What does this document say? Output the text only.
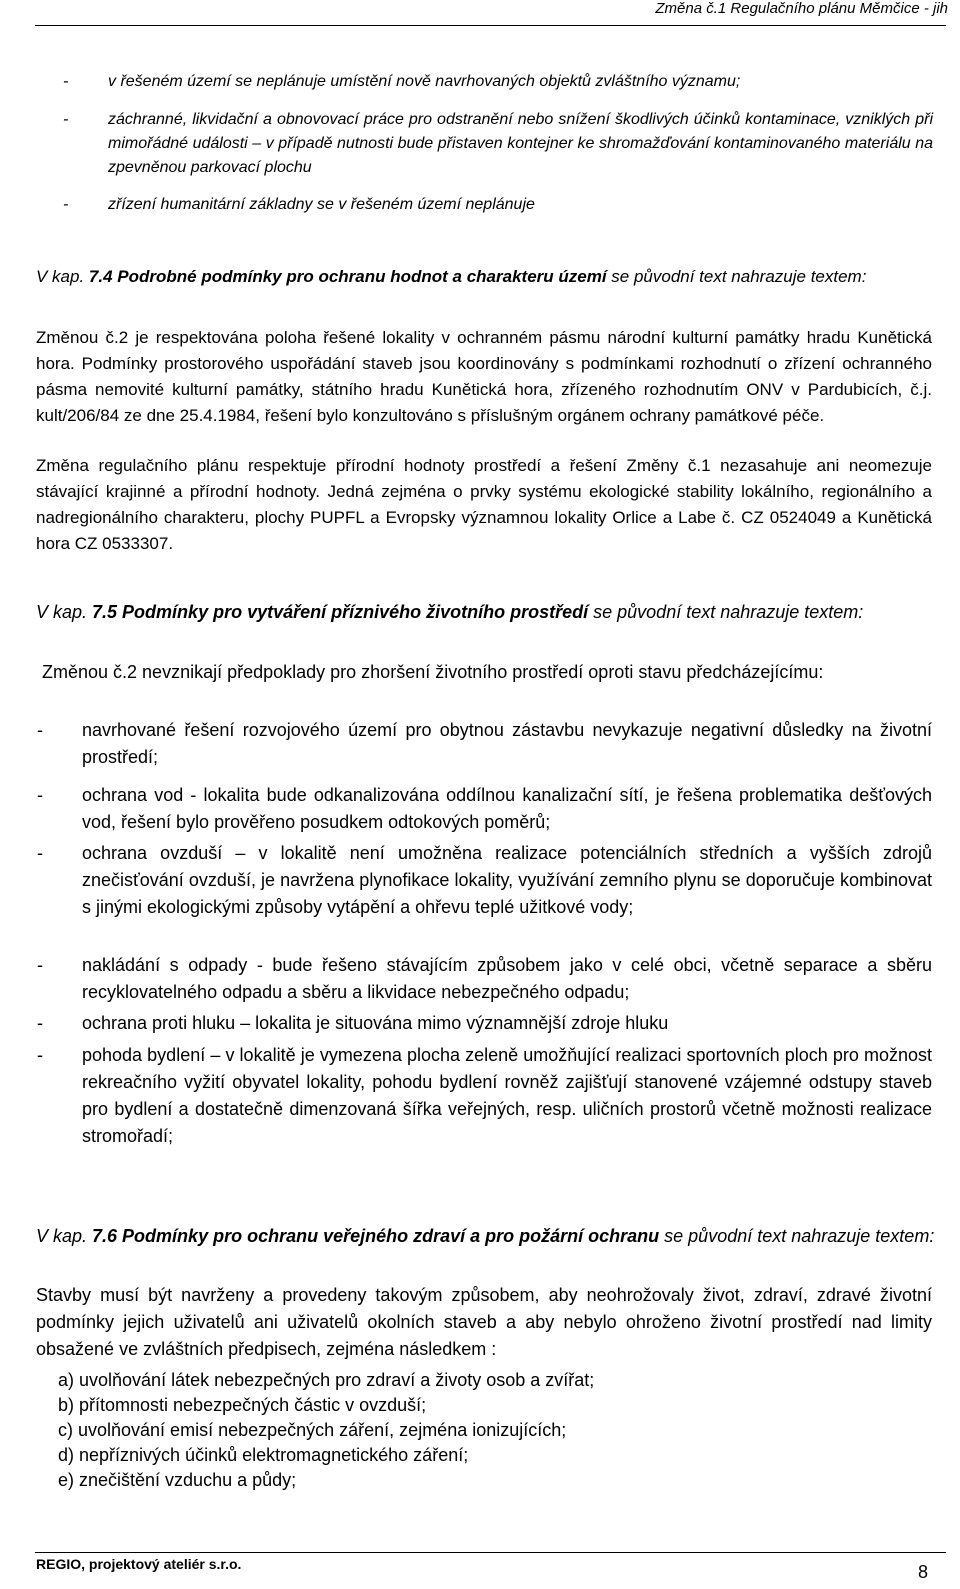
Změna č.1 Regulačního plánu Měmčice - jih
- v řešeném území se neplánuje umístění nově navrhovaných objektů zvláštního významu;
- záchranné, likvidační a obnovovací práce pro odstranění nebo snížení škodlivých účinků kontaminace, vzniklých při mimořádné události – v případě nutnosti bude přistaven kontejner ke shromažďování kontaminovaného materiálu na zpevněnou parkovací plochu
- zřízení humanitární základny se v řešeném území neplánuje
V kap. 7.4 Podrobné podmínky pro ochranu hodnot a charakteru území se původní text nahrazuje textem:
Změnou č.2 je respektována poloha řešené lokality v ochranném pásmu národní kulturní památky hradu Kunětická hora. Podmínky prostorového uspořádání staveb jsou koordinovány s podmínkami rozhodnutí o zřízení ochranného pásma nemovité kulturní památky, státního hradu Kunětická hora, zřízeného rozhodnutím ONV v Pardubicích, č.j. kult/206/84 ze dne 25.4.1984, řešení bylo konzultováno s příslušným orgánem ochrany památkové péče.
Změna regulačního plánu respektuje přírodní hodnoty prostředí a řešení Změny č.1 nezasahuje ani neomezuje stávající krajinné a přírodní hodnoty. Jedná zejména o prvky systému ekologické stability lokálního, regionálního a nadregionálního charakteru, plochy PUPFL a Evropsky významnou lokality Orlice a Labe č. CZ 0524049 a Kunětická hora CZ 0533307.
V kap. 7.5 Podmínky pro vytváření příznivého životního prostředí se původní text nahrazuje textem:
Změnou č.2 nevznikají předpoklady pro zhoršení životního prostředí oproti stavu předcházejícímu:
- navrhované řešení rozvojového území pro obytnou zástavbu nevykazuje negativní důsledky na životní prostředí;
- ochrana vod - lokalita bude odkanalizována oddílnou kanalizační sítí, je řešena problematika dešťových vod, řešení bylo prověřeno posudkem odtokových poměrů;
- ochrana ovzduší – v lokalitě není umožněna realizace potenciálních středních a vyšších zdrojů znečisťování ovzduší, je navržena plynofikace lokality, využívání zemního plynu se doporučuje kombinovat s jinými ekologickými způsoby vytápění a ohřevu teplé užitkové vody;
- nakládání s odpady - bude řešeno stávajícím způsobem jako v celé obci, včetně separace a sběru recyklovatelného odpadu a sběru a likvidace nebezpečného odpadu;
- ochrana proti hluku – lokalita je situována mimo významnější zdroje hluku
- pohoda bydlení – v lokalitě je vymezena plocha zeleně umožňující realizaci sportovních ploch pro možnost rekreačního vyžití obyvatel lokality, pohodu bydlení rovněž zajišťují stanovené vzájemné odstupy staveb pro bydlení a dostatečně dimenzovaná šířka veřejných, resp. uličních prostorů včetně možnosti realizace stromořadí;
V kap. 7.6 Podmínky pro ochranu veřejného zdraví a pro požární ochranu se původní text nahrazuje textem:
Stavby musí být navrženy a provedeny takovým způsobem, aby neohrožovaly život, zdraví, zdravé životní podmínky jejich uživatelů ani uživatelů okolních staveb a aby nebylo ohroženo životní prostředí nad limity obsažené ve zvláštních předpisech, zejména následkem :
a) uvolňování látek nebezpečných pro zdraví a životy osob a zvířat;
b) přítomnosti nebezpečných částic v ovzduší;
c) uvolňování emisí nebezpečných záření, zejména ionizujících;
d) nepříznivých účinků elektromagnetického záření;
e) znečištění vzduchu a půdy;
REGIO, projektový ateliér s.r.o.	8
